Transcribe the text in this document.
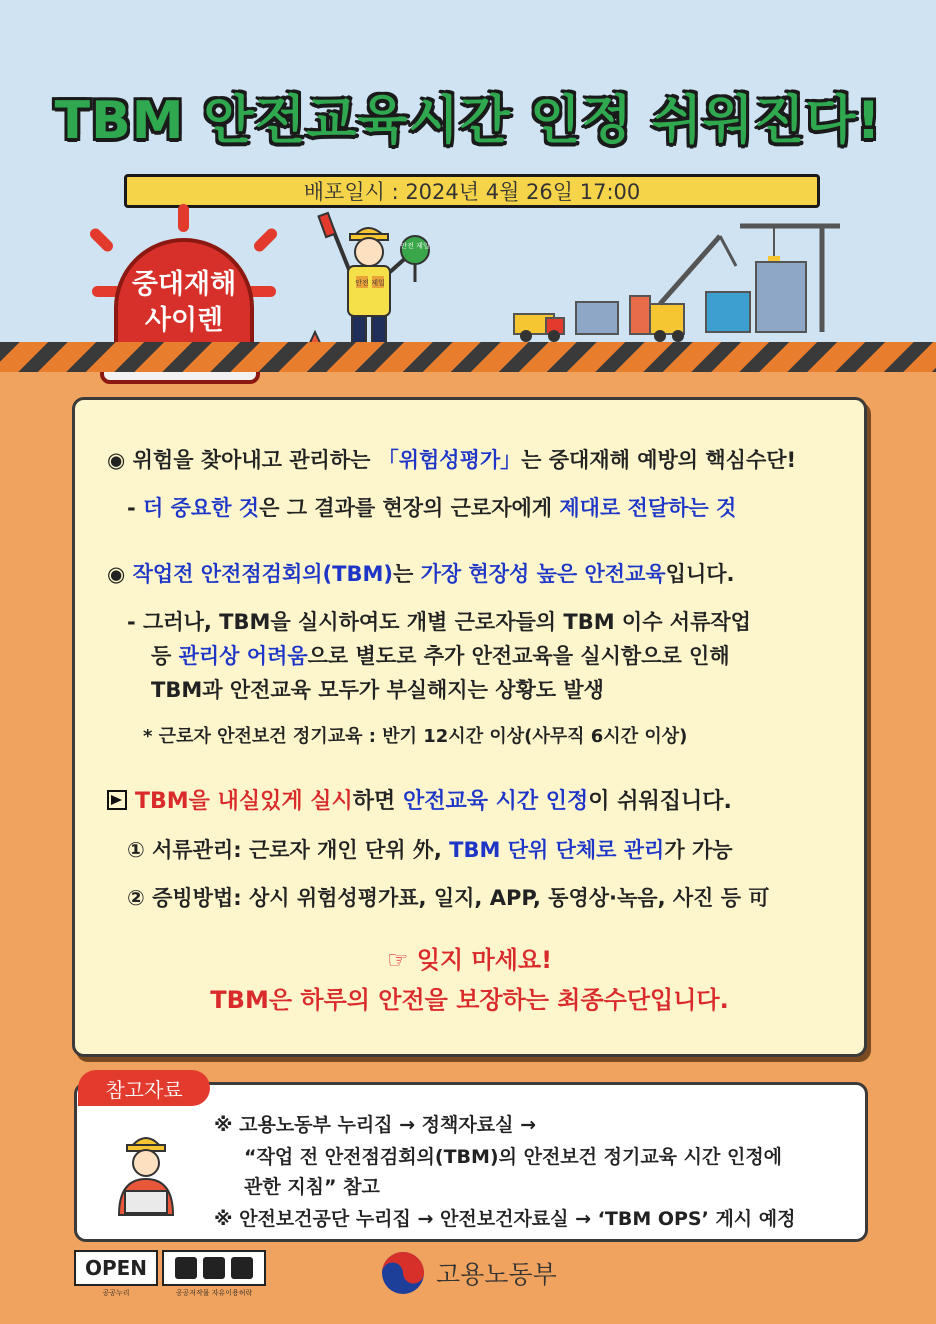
TBM 안전교육시간 인정 쉬워진다!
배포일시 : 2024년 4월 26일 17:00
중대재해
사이렌
안전 제일
안전 제일
◉ 위험을 찾아내고 관리하는 「위험성평가」는 중대재해 예방의 핵심수단!
- 더 중요한 것은 그 결과를 현장의 근로자에게 제대로 전달하는 것
◉ 작업전 안전점검회의(TBM)는 가장 현장성 높은 안전교육입니다.
- 그러나, TBM을 실시하여도 개별 근로자들의 TBM 이수 서류작업
등 관리상 어려움으로 별도로 추가 안전교육을 실시함으로 인해
TBM과 안전교육 모두가 부실해지는 상황도 발생
* 근로자 안전보건 정기교육 : 반기 12시간 이상(사무직 6시간 이상)
TBM을 내실있게 실시하면 안전교육 시간 인정이 쉬워집니다.
① 서류관리: 근로자 개인 단위 外, TBM 단위 단체로 관리가 가능
② 증빙방법: 상시 위험성평가표, 일지, APP, 동영상·녹음, 사진 등 可
☞ 잊지 마세요!
TBM은 하루의 안전을 보장하는 최종수단입니다.
참고자료
※ 고용노동부 누리집 → 정책자료실 →
“작업 전 안전점검회의(TBM)의 안전보건 정기교육 시간 인정에
관한 지침” 참고
※ 안전보건공단 누리집 → 안전보건자료실 → ‘TBM OPS’ 게시 예정
OPEN
공공누리	공공저작물 자유이용허락
고용노동부
